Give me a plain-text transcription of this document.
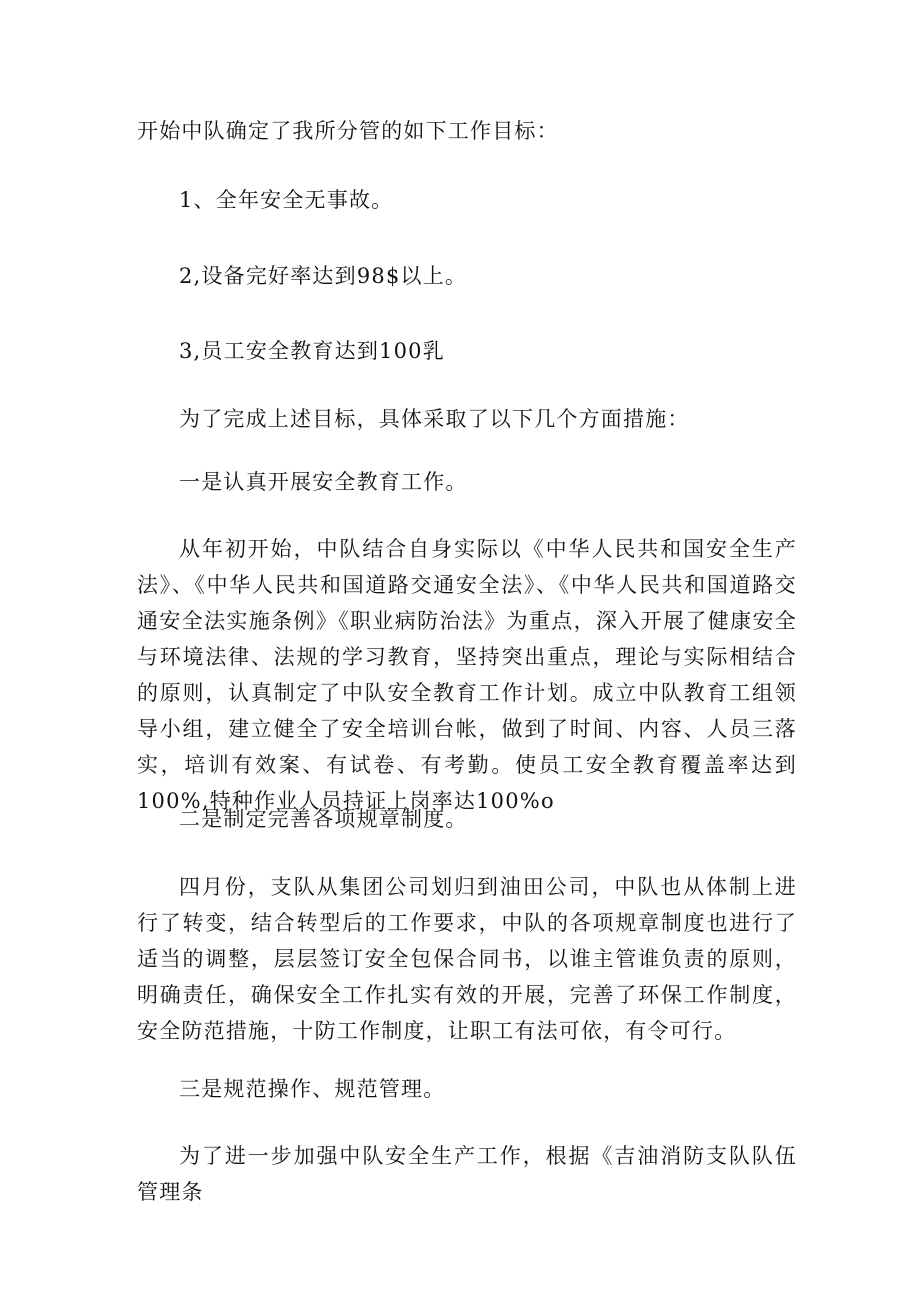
开始中队确定了我所分管的如下工作目标：
1、全年安全无事故。
2,设备完好率达到98$以上。
3,员工安全教育达到100乳
为了完成上述目标，具体采取了以下几个方面措施：
一是认真开展安全教育工作。
从年初开始，中队结合自身实际以《中华人民共和国安全生产法》、《中华人民共和国道路交通安全法》、《中华人民共和国道路交通安全法实施条例》《职业病防治法》为重点，深入开展了健康安全与环境法律、法规的学习教育，坚持突出重点，理论与实际相结合的原则，认真制定了中队安全教育工作计划。成立中队教育工组领导小组，建立健全了安全培训台帐，做到了时间、内容、人员三落实，培训有效案、有试卷、有考勤。使员工安全教育覆盖率达到100%,特种作业人员持证上岗率达100%o
二是制定完善各项规章制度。
四月份，支队从集团公司划归到油田公司，中队也从体制上进行了转变，结合转型后的工作要求，中队的各项规章制度也进行了适当的调整，层层签订安全包保合同书，以谁主管谁负责的原则，明确责任，确保安全工作扎实有效的开展，完善了环保工作制度，安全防范措施，十防工作制度，让职工有法可依，有令可行。
三是规范操作、规范管理。
为了进一步加强中队安全生产工作，根据《吉油消防支队队伍管理条
